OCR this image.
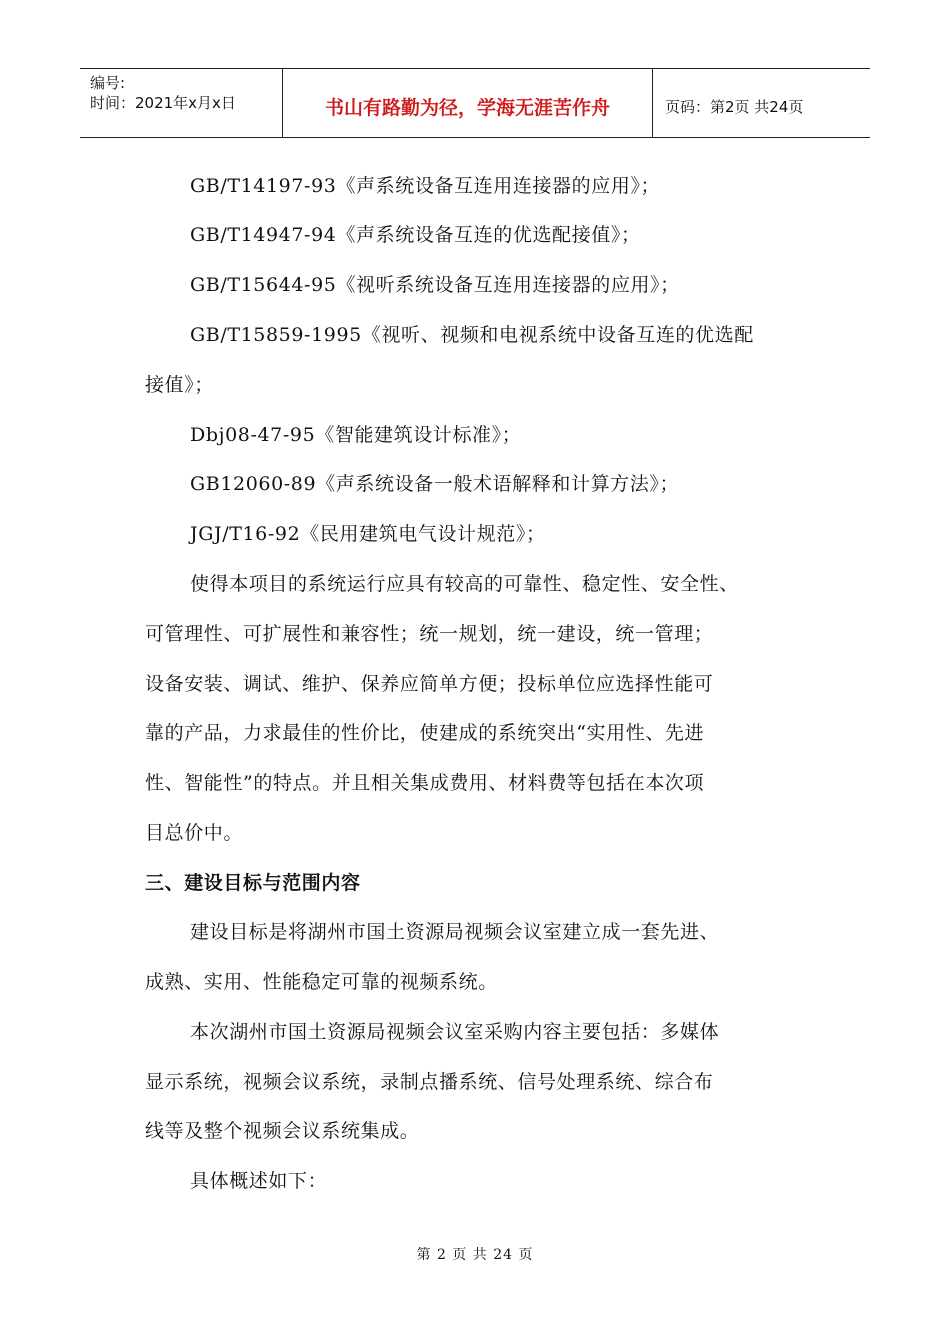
编号:
时间：2021年x月x日	书山有路勤为径，学海无涯苦作舟	页码：第2页 共24页
GB/T14197-93《声系统设备互连用连接器的应用》；
GB/T14947-94《声系统设备互连的优选配接值》；
GB/T15644-95《视听系统设备互连用连接器的应用》；
GB/T15859-1995《视听、视频和电视系统中设备互连的优选配
接值》；
Dbj08-47-95《智能建筑设计标准》；
GB12060-89《声系统设备一般术语解释和计算方法》；
JGJ/T16-92《民用建筑电气设计规范》；
使得本项目的系统运行应具有较高的可靠性、稳定性、安全性、
可管理性、可扩展性和兼容性；统一规划，统一建设，统一管理；
设备安装、调试、维护、保养应简单方便；投标单位应选择性能可
靠的产品，力求最佳的性价比，使建成的系统突出“实用性、先进
性、智能性”的特点。并且相关集成费用、材料费等包括在本次项
目总价中。
三、建设目标与范围内容
建设目标是将湖州市国土资源局视频会议室建立成一套先进、
成熟、实用、性能稳定可靠的视频系统。
本次湖州市国土资源局视频会议室采购内容主要包括：多媒体
显示系统，视频会议系统，录制点播系统、信号处理系统、综合布
线等及整个视频会议系统集成。
具体概述如下：
第 2 页 共 24 页
